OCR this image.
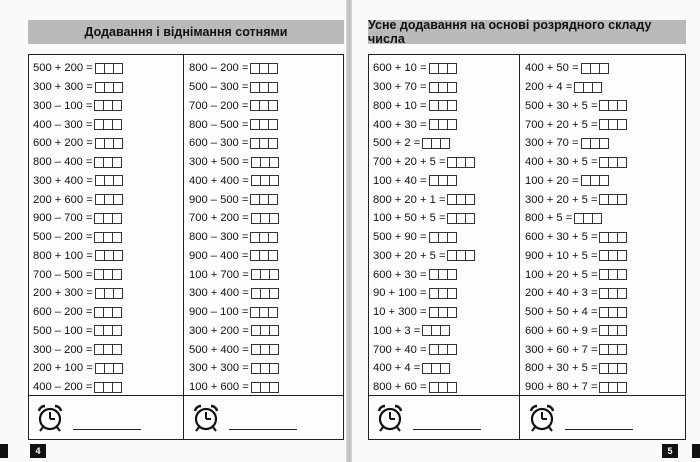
Додавання і віднімання сотнями
500 + 200 =
300 + 300 =
300 – 100 =
400 – 300 =
600 + 200 =
800 – 400 =
300 + 400 =
200 + 600 =
900 – 700 =
500 – 200 =
800 + 100 =
700 – 500 =
200 + 300 =
600 – 200 =
500 – 100 =
300 – 200 =
200 + 100 =
400 – 200 =
800 – 200 =
500 – 300 =
700 – 200 =
800 – 500 =
600 – 300 =
300 + 500 =
400 + 400 =
900 – 500 =
700 + 200 =
800 – 300 =
900 – 400 =
100 + 700 =
300 + 400 =
900 – 100 =
300 + 200 =
500 + 400 =
300 + 300 =
100 + 600 =
4
Усне додавання на основі розрядного складу числа
600 + 10 =
300 + 70 =
800 + 10 =
400 + 30 =
500 + 2 =
700 + 20 + 5 =
100 + 40 =
800 + 20 + 1 =
100 + 50 + 5 =
500 + 90 =
300 + 20 + 5 =
600 + 30 =
90 + 100 =
10 + 300 =
100 + 3 =
700 + 40 =
400 + 4 =
800 + 60 =
400 + 50 =
200 + 4 =
500 + 30 + 5 =
700 + 20 + 5 =
300 + 70 =
400 + 30 + 5 =
100 + 20 =
300 + 20 + 5 =
800 + 5 =
600 + 30 + 5 =
900 + 10 + 5 =
100 + 20 + 5 =
200 + 40 + 3 =
500 + 50 + 4 =
600 + 60 + 9 =
300 + 60 + 7 =
800 + 30 + 5 =
900 + 80 + 7 =
5
